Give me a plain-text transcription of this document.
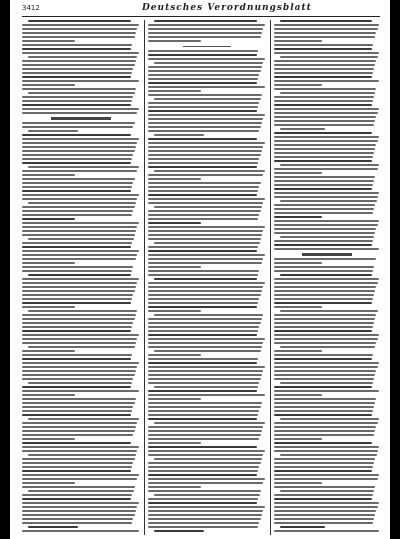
3412	Deutsches Verordnungsblatt
